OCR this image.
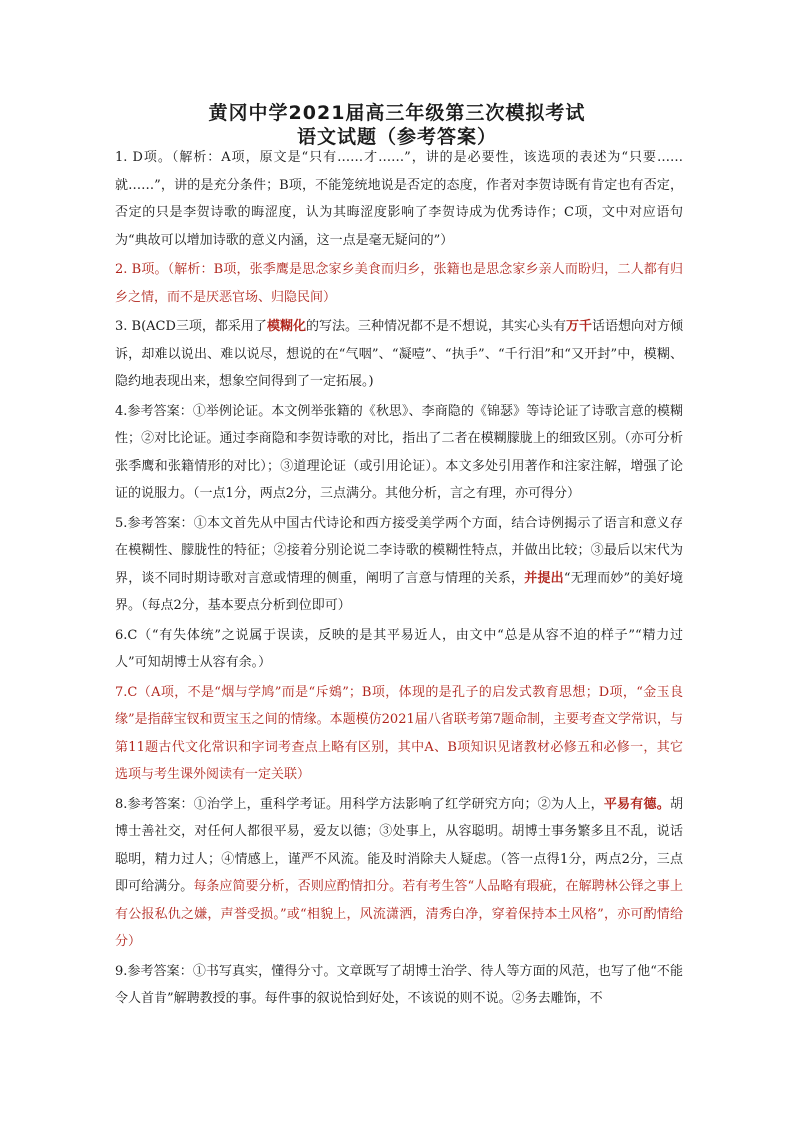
黄冈中学2021届高三年级第三次模拟考试
语文试题（参考答案）

1. D项。（解析：A项，原文是“只有……才……”，讲的是必要性，该选项的表述为“只要……就……”，讲的是充分条件；B项，不能笼统地说是否定的态度，作者对李贺诗既有肯定也有否定，否定的只是李贺诗歌的晦涩度，认为其晦涩度影响了李贺诗成为优秀诗作；C项，文中对应语句为“典故可以增加诗歌的意义内涵，这一点是毫无疑问的”）

2. B项。（解析：B项，张季鹰是思念家乡美食而归乡，张籍也是思念家乡亲人而盼归，二人都有归乡之情，而不是厌恶官场、归隐民间）

3. B(ACD三项，都采用了模糊化的写法。三种情况都不是不想说，其实心头有万千话语想向对方倾诉，却难以说出、难以说尽，想说的在“气咽”、“凝噎”、“执手”、“千行泪”和“又开封”中，模糊、隐约地表现出来，想象空间得到了一定拓展。)

4.参考答案：①举例论证。本文例举张籍的《秋思》、李商隐的《锦瑟》等诗论证了诗歌言意的模糊性；②对比论证。通过李商隐和李贺诗歌的对比，指出了二者在模糊朦胧上的细致区别。（亦可分析张季鹰和张籍情形的对比）；③道理论证（或引用论证）。本文多处引用著作和注家注解，增强了论证的说服力。（一点1分，两点2分，三点满分。其他分析，言之有理，亦可得分）

5.参考答案：①本文首先从中国古代诗论和西方接受美学两个方面，结合诗例揭示了语言和意义存在模糊性、朦胧性的特征；②接着分别论说二李诗歌的模糊性特点，并做出比较；③最后以宋代为界，谈不同时期诗歌对言意或情理的侧重，阐明了言意与情理的关系，并提出“无理而妙”的美好境界。（每点2分，基本要点分析到位即可）

6.C（“有失体统”之说属于误读，反映的是其平易近人，由文中“总是从容不迫的样子”“精力过人”可知胡博士从容有余。）

7.C（A项，不是“烟与学鸠”而是“斥鴳”；B项，体现的是孔子的启发式教育思想；D项，“金玉良缘”是指薛宝钗和贾宝玉之间的情缘。本题模仿2021届八省联考第7题命制，主要考查文学常识，与第11题古代文化常识和字词考查点上略有区别，其中A、B项知识见诸教材必修五和必修一，其它选项与考生课外阅读有一定关联）

8.参考答案：①治学上，重科学考证。用科学方法影响了红学研究方向；②为人上，平易有德。胡博士善社交，对任何人都很平易，爱友以德；③处事上，从容聪明。胡博士事务繁多且不乱，说话聪明，精力过人；④情感上，谨严不风流。能及时消除夫人疑虑。（答一点得1分，两点2分，三点即可给满分。每条应简要分析，否则应酌情扣分。若有考生答“人品略有瑕疵，在解聘林公铎之事上有公报私仇之嫌，声誉受损。”或“相貌上，风流潇洒，清秀白净，穿着保持本土风格”，亦可酌情给分）

9.参考答案：①书写真实，懂得分寸。文章既写了胡博士治学、待人等方面的风范，也写了他“不能令人首肯”解聘教授的事。每件事的叙说恰到好处，不该说的则不说。②务去雕饰，不
